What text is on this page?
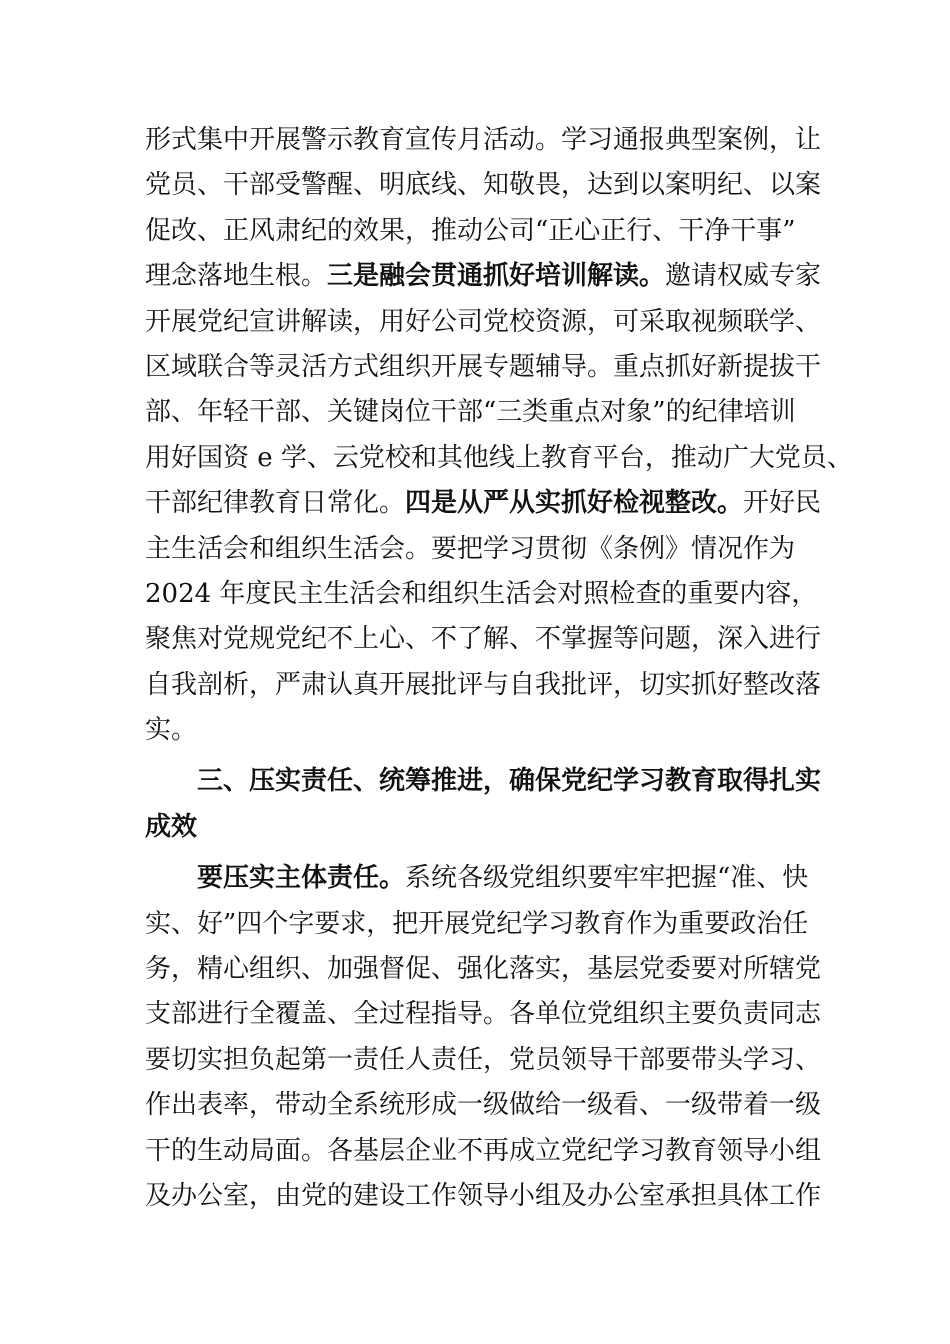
形式集中开展警示教育宣传月活动。学习通报典型案例，让
党员、干部受警醒、明底线、知敬畏，达到以案明纪、以案
促改、正风肃纪的效果，推动公司“正心正行、干净干事”
理念落地生根。三是融会贯通抓好培训解读。邀请权威专家
开展党纪宣讲解读，用好公司党校资源，可采取视频联学、
区域联合等灵活方式组织开展专题辅导。重点抓好新提拔干
部、年轻干部、关键岗位干部“三类重点对象”的纪律培训
用好国资 e 学、云党校和其他线上教育平台，推动广大党员、
干部纪律教育日常化。四是从严从实抓好检视整改。开好民
主生活会和组织生活会。要把学习贯彻《条例》情况作为
2024 年度民主生活会和组织生活会对照检查的重要内容，
聚焦对党规党纪不上心、不了解、不掌握等问题，深入进行
自我剖析，严肃认真开展批评与自我批评，切实抓好整改落
实。
三、压实责任、统筹推进，确保党纪学习教育取得扎实
成效
要压实主体责任。系统各级党组织要牢牢把握“准、快
实、好”四个字要求，把开展党纪学习教育作为重要政治任
务，精心组织、加强督促、强化落实，基层党委要对所辖党
支部进行全覆盖、全过程指导。各单位党组织主要负责同志
要切实担负起第一责任人责任，党员领导干部要带头学习、
作出表率，带动全系统形成一级做给一级看、一级带着一级
干的生动局面。各基层企业不再成立党纪学习教育领导小组
及办公室，由党的建设工作领导小组及办公室承担具体工作
